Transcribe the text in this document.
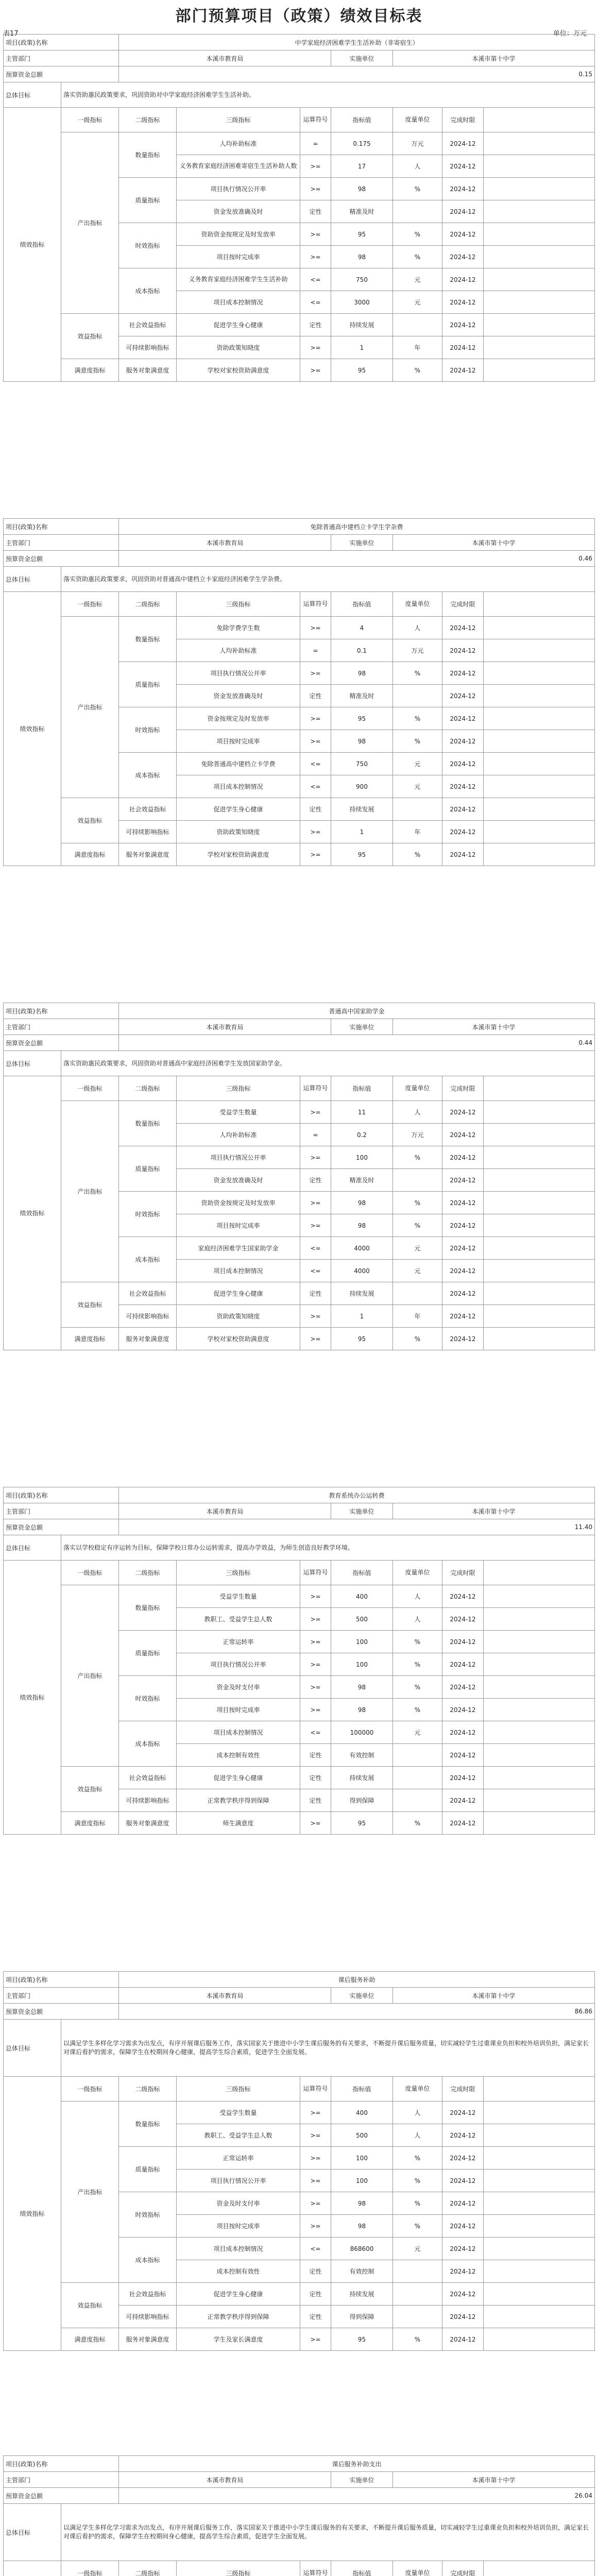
部门预算项目（政策）绩效目标表
表17	单位：万元
项目(政策)名称		中学家庭经济困难学生生活补助（非寄宿生）						
主管部门		本溪市教育局			实施单位	本溪市第十中学		
预算资金总额		0.15						
总体目标	落实资助惠民政策要求，巩固资助对中学家庭经济困难学生生活补助。							
绩效指标	一级指标	二级指标	三级指标	运算符号	指标值	度量单位	完成时限	
	产出指标	数量指标	人均补助标准	=	0.175	万元	2024-12	
			义务教育家庭经济困难寄宿生生活补助人数	>=	17	人	2024-12	
		质量指标	项目执行情况公开率	>=	98	%	2024-12	
			资金发放准确及时	定性	精准及时		2024-12	
		时效指标	资助资金按规定及时发放率	>=	95	%	2024-12	
			项目按时完成率	>=	98	%	2024-12	
		成本指标	义务教育家庭经济困难学生生活补助	<=	750	元	2024-12	
			项目成本控制情况	<=	3000	元	2024-12	
	效益指标	社会效益指标	促进学生身心健康	定性	持续发展		2024-12	
		可持续影响指标	资助政策知晓度	>=	1	年	2024-12	
	满意度指标	服务对象满意度	学校对家校资助满意度	>=	95	%	2024-12	
项目(政策)名称		免除普通高中建档立卡学生学杂费						
主管部门		本溪市教育局			实施单位	本溪市第十中学		
预算资金总额		0.46						
总体目标	落实资助惠民政策要求，巩固资助对普通高中建档立卡家庭经济困难学生学杂费。							
绩效指标	一级指标	二级指标	三级指标	运算符号	指标值	度量单位	完成时限	
	产出指标	数量指标	免除学费学生数	>=	4	人	2024-12	
			人均补助标准	=	0.1	万元	2024-12	
		质量指标	项目执行情况公开率	>=	98	%	2024-12	
			资金发放准确及时	定性	精准及时		2024-12	
		时效指标	资金按规定及时发放率	>=	95	%	2024-12	
			项目按时完成率	>=	98	%	2024-12	
		成本指标	免除普通高中建档立卡学费	<=	750	元	2024-12	
			项目成本控制情况	<=	900	元	2024-12	
	效益指标	社会效益指标	促进学生身心健康	定性	持续发展		2024-12	
		可持续影响指标	资助政策知晓度	>=	1	年	2024-12	
	满意度指标	服务对象满意度	学校对家校资助满意度	>=	95	%	2024-12	
项目(政策)名称		普通高中国家助学金						
主管部门		本溪市教育局			实施单位	本溪市第十中学		
预算资金总额		0.44						
总体目标	落实资助惠民政策要求，巩固资助对普通高中家庭经济困难学生发放国家助学金。							
绩效指标	一级指标	二级指标	三级指标	运算符号	指标值	度量单位	完成时限	
	产出指标	数量指标	受益学生数量	>=	11	人	2024-12	
			人均补助标准	=	0.2	万元	2024-12	
		质量指标	项目执行情况公开率	>=	100	%	2024-12	
			资金发放准确及时	定性	精准及时		2024-12	
		时效指标	资助资金按规定及时发放率	>=	98	%	2024-12	
			项目按时完成率	>=	98	%	2024-12	
		成本指标	家庭经济困难学生国家助学金	<=	4000	元	2024-12	
			项目成本控制情况	<=	4000	元	2024-12	
	效益指标	社会效益指标	促进学生身心健康	定性	持续发展		2024-12	
		可持续影响指标	资助政策知晓度	>=	1	年	2024-12	
	满意度指标	服务对象满意度	学校对家校资助满意度	>=	95	%	2024-12	
项目(政策)名称		教育系统办公运转费						
主管部门		本溪市教育局			实施单位	本溪市第十中学		
预算资金总额		11.40						
总体目标	落实以学校稳定有序运转为目标，保障学校日常办公运转需求，提高办学效益，为师生创造良好教学环境。							
绩效指标	一级指标	二级指标	三级指标	运算符号	指标值	度量单位	完成时限	
	产出指标	数量指标	受益学生数量	>=	400	人	2024-12	
			教职工、受益学生总人数	>=	500	人	2024-12	
		质量指标	正常运转率	>=	100	%	2024-12	
			项目执行情况公开率	>=	100	%	2024-12	
		时效指标	资金及时支付率	>=	98	%	2024-12	
			项目按时完成率	>=	98	%	2024-12	
		成本指标	项目成本控制情况	<=	100000	元	2024-12	
			成本控制有效性	定性	有效控制		2024-12	
	效益指标	社会效益指标	促进学生身心健康	定性	持续发展		2024-12	
		可持续影响指标	正常教学秩序得到保障	定性	得到保障		2024-12	
	满意度指标	服务对象满意度	师生满意度	>=	95	%	2024-12	
项目(政策)名称		课后服务补助						
主管部门		本溪市教育局			实施单位	本溪市第十中学		
预算资金总额		86.86						
总体目标	以满足学生多样化学习需求为出发点，有序开展课后服务工作，落实国家关于推进中小学生课后服务的有关要求，不断提升课后服务质量，切实减轻学生过重课业负担和校外培训负担，满足家长对课后看护的需求，保障学生在校期间身心健康，提高学生综合素质，促进学生全面发展。							
绩效指标	一级指标	二级指标	三级指标	运算符号	指标值	度量单位	完成时限	
	产出指标	数量指标	受益学生数量	>=	400	人	2024-12	
			教职工、受益学生总人数	>=	500	人	2024-12	
		质量指标	正常运转率	>=	100	%	2024-12	
			项目执行情况公开率	>=	100	%	2024-12	
		时效指标	资金及时支付率	>=	98	%	2024-12	
			项目按时完成率	>=	98	%	2024-12	
		成本指标	项目成本控制情况	<=	868600	元	2024-12	
			成本控制有效性	定性	有效控制		2024-12	
	效益指标	社会效益指标	促进学生身心健康	定性	持续发展		2024-12	
		可持续影响指标	正常教学秩序得到保障	定性	得到保障		2024-12	
	满意度指标	服务对象满意度	学生及家长满意度	>=	95	%	2024-12	
项目(政策)名称		课后服务补助支出						
主管部门		本溪市教育局			实施单位	本溪市第十中学		
预算资金总额		26.04						
总体目标	以满足学生多样化学习需求为出发点，有序开展课后服务工作，落实国家关于推进中小学生课后服务的有关要求，不断提升课后服务质量，切实减轻学生过重课业负担和校外培训负担，满足家长对课后看护的需求，保障学生在校期间身心健康，提高学生综合素质，促进学生全面发展。							
	一级指标	二级指标	三级指标	运算符号	指标值	度量单位	完成时限	
